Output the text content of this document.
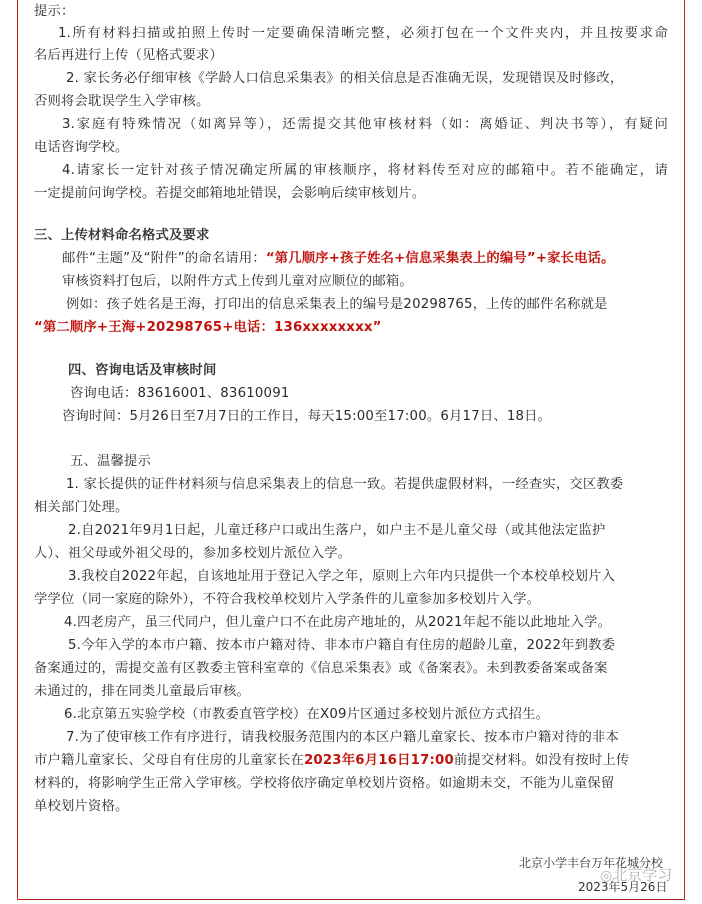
提示：
1.所有材料扫描或拍照上传时一定要确保清晰完整，必须打包在一个文件夹内，并且按要求命
名后再进行上传（见格式要求）
2. 家长务必仔细审核《学龄人口信息采集表》的相关信息是否准确无误，发现错误及时修改，
否则将会耽误学生入学审核。
3.家庭有特殊情况（如离异等），还需提交其他审核材料（如：离婚证、判决书等），有疑问
电话咨询学校。
4.请家长一定针对孩子情况确定所属的审核顺序，将材料传至对应的邮箱中。若不能确定，请
一定提前问询学校。若提交邮箱地址错误，会影响后续审核划片。
三、上传材料命名格式及要求
邮件“主题”及“附件”的命名请用：“第几顺序+孩子姓名+信息采集表上的编号”+家长电话。
审核资料打包后，以附件方式上传到儿童对应顺位的邮箱。
例如：孩子姓名是王海，打印出的信息采集表上的编号是20298765，上传的邮件名称就是
“第二顺序+王海+20298765+电话：136xxxxxxxx”
四、咨询电话及审核时间
咨询电话：83616001、83610091
咨询时间：5月26日至7月7日的工作日，每天15:00至17:00。6月17日、18日。
五、温馨提示
1. 家长提供的证件材料须与信息采集表上的信息一致。若提供虚假材料，一经查实，交区教委
相关部门处理。
2.自2021年9月1日起，儿童迁移户口或出生落户，如户主不是儿童父母（或其他法定监护
人）、祖父母或外祖父母的，参加多校划片派位入学。
3.我校自2022年起，自该地址用于登记入学之年，原则上六年内只提供一个本校单校划片入
学学位（同一家庭的除外），不符合我校单校划片入学条件的儿童参加多校划片入学。
4.四老房产，虽三代同户，但儿童户口不在此房产地址的，从2021年起不能以此地址入学。
5.今年入学的本市户籍、按本市户籍对待、非本市户籍自有住房的超龄儿童，2022年到教委
备案通过的，需提交盖有区教委主管科室章的《信息采集表》或《备案表》。未到教委备案或备案
未通过的，排在同类儿童最后审核。
6.北京第五实验学校（市教委直管学校）在X09片区通过多校划片派位方式招生。
7.为了使审核工作有序进行，请我校服务范围内的本区户籍儿童家长、按本市户籍对待的非本
市户籍儿童家长、父母自有住房的儿童家长在2023年6月16日17:00前提交材料。如没有按时上传
材料的，将影响学生正常入学审核。学校将依序确定单校划片资格。如逾期未交，不能为儿童保留
单校划片资格。
北京小学丰台万年花城分校
2023年5月26日
◎北京学习
